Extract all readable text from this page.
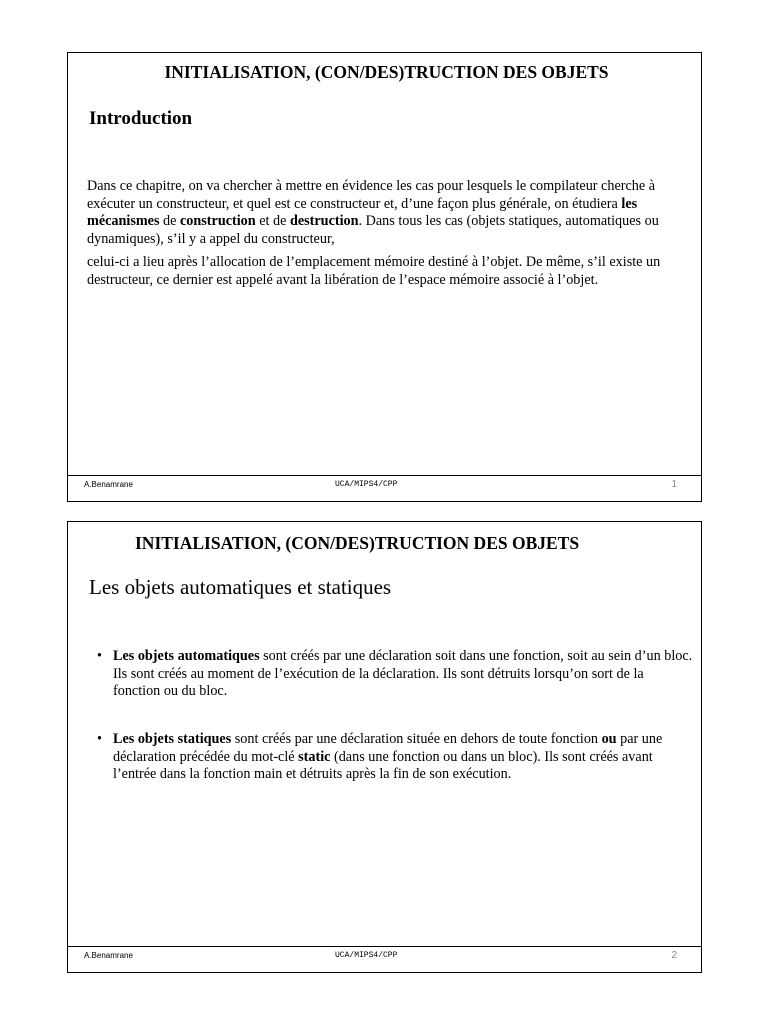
INITIALISATION, (CON/DES)TRUCTION DES OBJETS
Introduction
Dans ce chapitre, on va chercher à mettre en évidence les cas pour lesquels le compilateur cherche à exécuter un constructeur, et quel est ce constructeur et, d’une façon plus générale, on étudiera les mécanismes de construction et de destruction. Dans tous les cas (objets statiques, automatiques ou dynamiques), s’il y a appel du constructeur,
celui-ci a lieu après l’allocation de l’emplacement mémoire destiné à l’objet. De même, s’il existe un destructeur, ce dernier est appelé avant la libération de l’espace mémoire associé à l’objet.
A.Benamrane	UCA/MIPS4/CPP	1
INITIALISATION, (CON/DES)TRUCTION DES OBJETS
Les objets automatiques et statiques
• Les objets automatiques sont créés par une déclaration soit dans une fonction, soit au sein d’un bloc. Ils sont créés au moment de l’exécution de la déclaration. Ils sont détruits lorsqu’on sort de la fonction ou du bloc.
• Les objets statiques sont créés par une déclaration située en dehors de toute fonction ou par une déclaration précédée du mot-clé static (dans une fonction ou dans un bloc). Ils sont créés avant l’entrée dans la fonction main et détruits après la fin de son exécution.
A.Benamrane	UCA/MIPS4/CPP	2
